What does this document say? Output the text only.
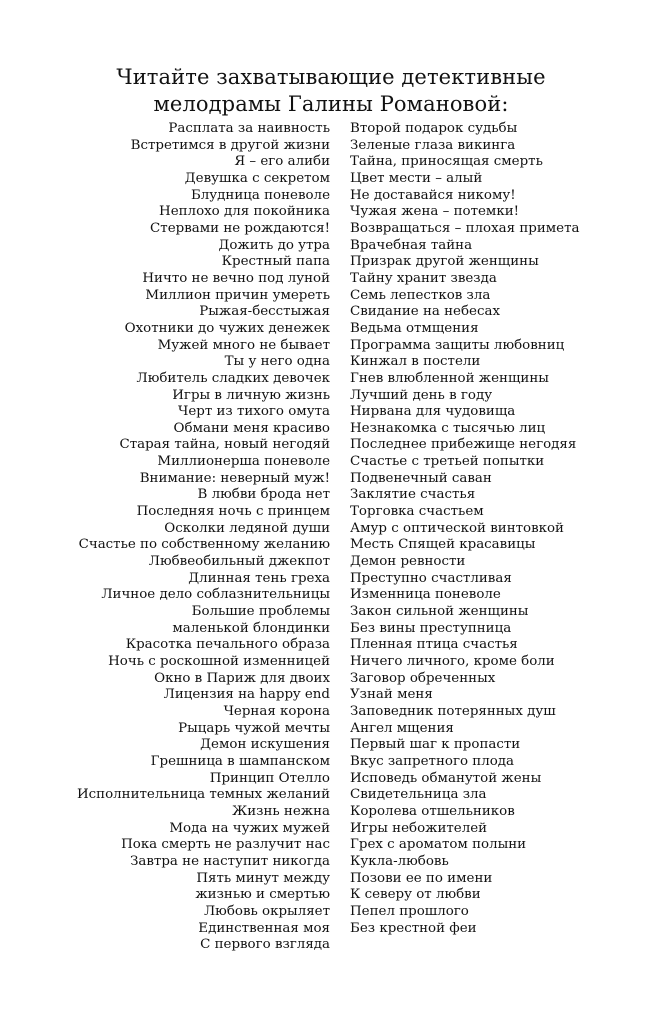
Читайте захватывающие детективные
мелодрамы Галины Романовой:
Расплата за наивность
Встретимся в другой жизни
Я – его алиби
Девушка с секретом
Блудница поневоле
Неплохо для покойника
Стервами не рождаются!
Дожить до утра
Крестный папа
Ничто не вечно под луной
Миллион причин умереть
Рыжая-бесстыжая
Охотники до чужих денежек
Мужей много не бывает
Ты у него одна
Любитель сладких девочек
Игры в личную жизнь
Черт из тихого омута
Обмани меня красиво
Старая тайна, новый негодяй
Миллионерша поневоле
Внимание: неверный муж!
В любви брода нет
Последняя ночь с принцем
Осколки ледяной души
Счастье по собственному желанию
Любвеобильный джекпот
Длинная тень греха
Личное дело соблазнительницы
Большие проблемы
маленькой блондинки
Красотка печального образа
Ночь с роскошной изменницей
Окно в Париж для двоих
Лицензия на happy end
Черная корона
Рыцарь чужой мечты
Демон искушения
Грешница в шампанском
Принцип Отелло
Исполнительница темных желаний
Жизнь нежна
Мода на чужих мужей
Пока смерть не разлучит нас
Завтра не наступит никогда
Пять минут между
жизнью и смертью
Любовь окрыляет
Единственная моя
С первого взгляда
Второй подарок судьбы
Зеленые глаза викинга
Тайна, приносящая смерть
Цвет мести – алый
Не доставайся никому!
Чужая жена – потемки!
Возвращаться – плохая примета
Врачебная тайна
Призрак другой женщины
Тайну хранит звезда
Семь лепестков зла
Свидание на небесах
Ведьма отмщения
Программа защиты любовниц
Кинжал в постели
Гнев влюбленной женщины
Лучший день в году
Нирвана для чудовища
Незнакомка с тысячью лиц
Последнее прибежище негодяя
Счастье с третьей попытки
Подвенечный саван
Заклятие счастья
Торговка счастьем
Амур с оптической винтовкой
Месть Спящей красавицы
Демон ревности
Преступно счастливая
Изменница поневоле
Закон сильной женщины
Без вины преступница
Пленная птица счастья
Ничего личного, кроме боли
Заговор обреченных
Узнай меня
Заповедник потерянных душ
Ангел мщения
Первый шаг к пропасти
Вкус запретного плода
Исповедь обманутой жены
Свидетельница зла
Королева отшельников
Игры небожителей
Грех с ароматом полыни
Кукла-любовь
Позови ее по имени
К северу от любви
Пепел прошлого
Без крестной феи
